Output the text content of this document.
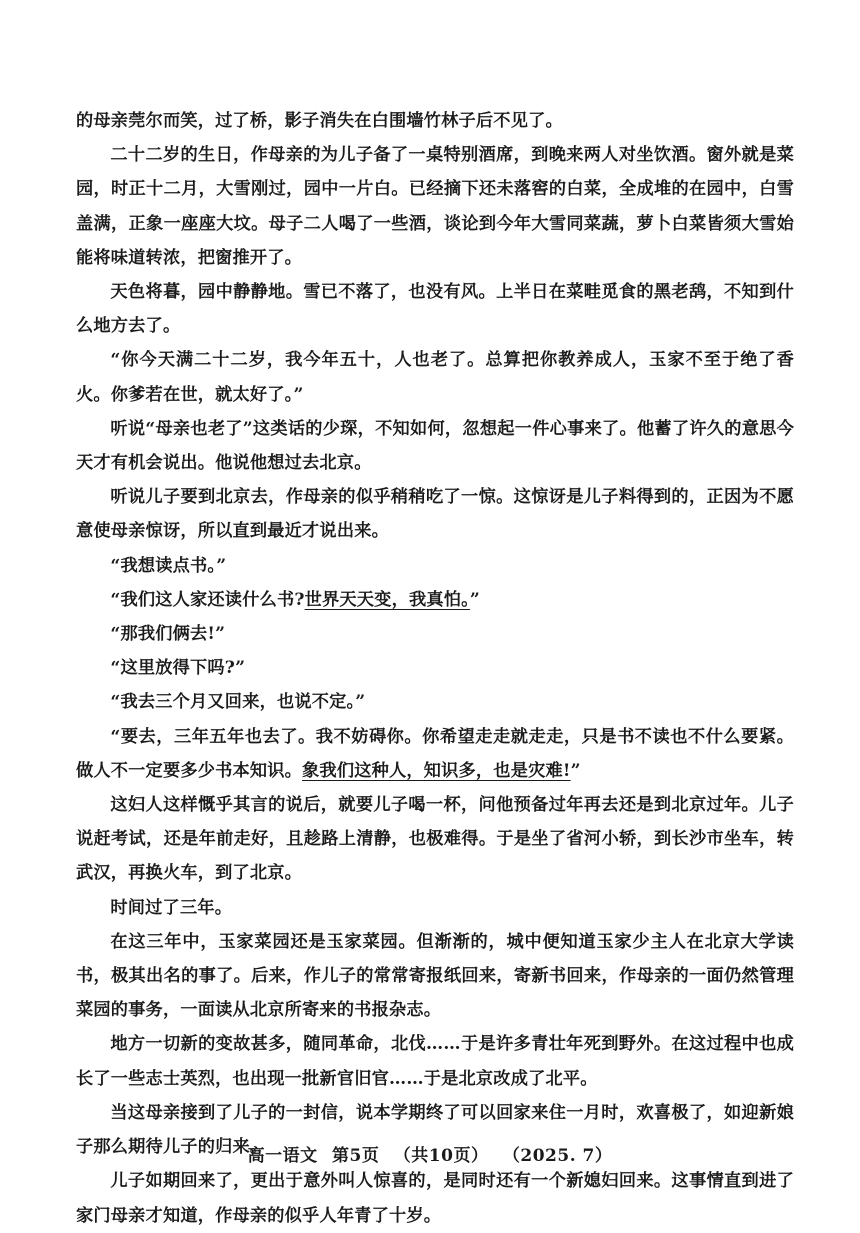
的母亲莞尔而笑，过了桥，影子消失在白围墙竹林子后不见了。

二十二岁的生日，作母亲的为儿子备了一桌特别酒席，到晚来两人对坐饮酒。窗外就是菜园，时正十二月，大雪刚过，园中一片白。已经摘下还未落窖的白菜，全成堆的在园中，白雪盖满，正象一座座大坟。母子二人喝了一些酒，谈论到今年大雪同菜蔬，萝卜白菜皆须大雪始能将味道转浓，把窗推开了。

天色将暮，园中静静地。雪已不落了，也没有风。上半日在菜畦觅食的黑老鸹，不知到什么地方去了。

“你今天满二十二岁，我今年五十，人也老了。总算把你教养成人，玉家不至于绝了香火。你爹若在世，就太好了。”

听说“母亲也老了”这类话的少琛，不知如何，忽想起一件心事来了。他蓄了许久的意思今天才有机会说出。他说他想过去北京。

听说儿子要到北京去，作母亲的似乎稍稍吃了一惊。这惊讶是儿子料得到的，正因为不愿意使母亲惊讶，所以直到最近才说出来。

“我想读点书。”

“我们这人家还读什么书?世界天天变，我真怕。”

“那我们俩去!”

“这里放得下吗?”

“我去三个月又回来，也说不定。”

“要去，三年五年也去了。我不妨碍你。你希望走走就走走，只是书不读也不什么要紧。做人不一定要多少书本知识。象我们这种人，知识多，也是灾难!”

这妇人这样慨乎其言的说后，就要儿子喝一杯，问他预备过年再去还是到北京过年。儿子说赶考试，还是年前走好，且趁路上清静，也极难得。于是坐了省河小轿，到长沙市坐车，转武汉，再换火车，到了北京。

时间过了三年。

在这三年中，玉家菜园还是玉家菜园。但渐渐的，城中便知道玉家少主人在北京大学读书，极其出名的事了。后来，作儿子的常常寄报纸回来，寄新书回来，作母亲的一面仍然管理菜园的事务，一面读从北京所寄来的书报杂志。

地方一切新的变故甚多，随同革命，北伐……于是许多青壮年死到野外。在这过程中也成长了一些志士英烈，也出现一批新官旧官……于是北京改成了北平。

当这母亲接到了儿子的一封信，说本学期终了可以回家来住一月时，欢喜极了，如迎新娘子那么期待儿子的归来。

儿子如期回来了，更出于意外叫人惊喜的，是同时还有一个新媳妇回来。这事情直到进了家门母亲才知道，作母亲的似乎人年青了十岁。

高一语文 第5页 （共10页） （2025. 7）
